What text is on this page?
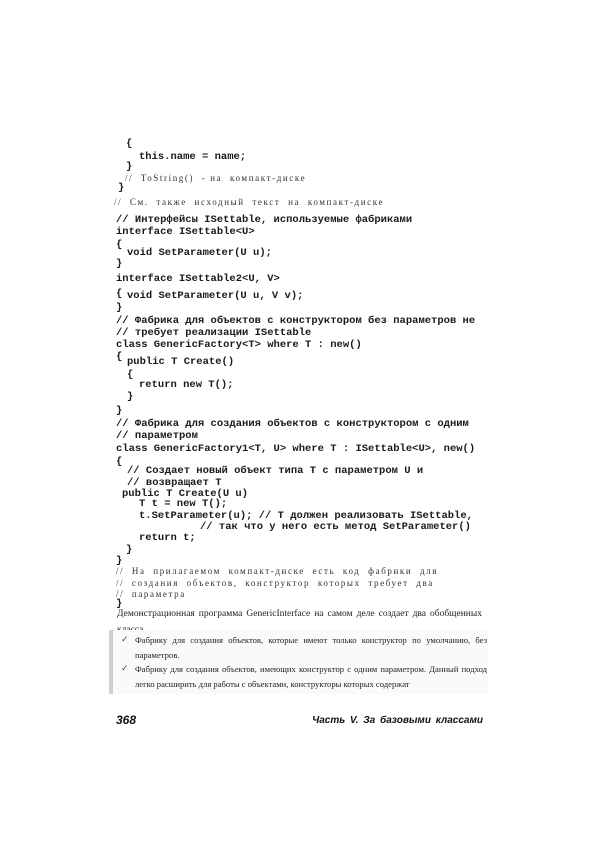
{
this.name = name;
}
//  ToString()  - на  компакт-диске
}
//  См.  также  исходный  текст  на  компакт-диске
// Интерфейсы ISettable, используемые фабриками
interface ISettable<U>
{
void SetParameter(U u);
}
interface ISettable2<U, V>
{ void SetParameter(U u, V v);
}
// Фабрика для объектов с конструктором без параметров не
// требует реализации ISettable
class GenericFactory<T> where T : new()
{ public T Create()
{
return new T();
}
}
// Фабрика для создания объектов с конструктором с одним
// параметром
class GenericFactory1<T, U> where T : ISettable<U>, new()
{
// Создает новый объект типа T с параметром U и
// возвращает T
public T Create(U u)
T t = new T();
t.SetParameter(u); // T должен реализовать ISettable,
// так что у него есть метод SetParameter()
return t;
}
}
//  На  прилагаемом  компакт-диске  есть  код  фабрики  для
//  создания  объектов,  конструктор  которых  требует  два
//  параметра
}
Демонстрационная программа GenericInterface на самом деле создает два обобщенных
✓ Фабрику для создания объектов, которые имеют только конструктор по умолчанию, без параметров.
✓ Фабрику для создания объектов, имеющих конструктор с одним параметром. Данный подход легко расширить для работы с объектами, конструкторы которых содержат
368	Часть V. За базовыми классами
